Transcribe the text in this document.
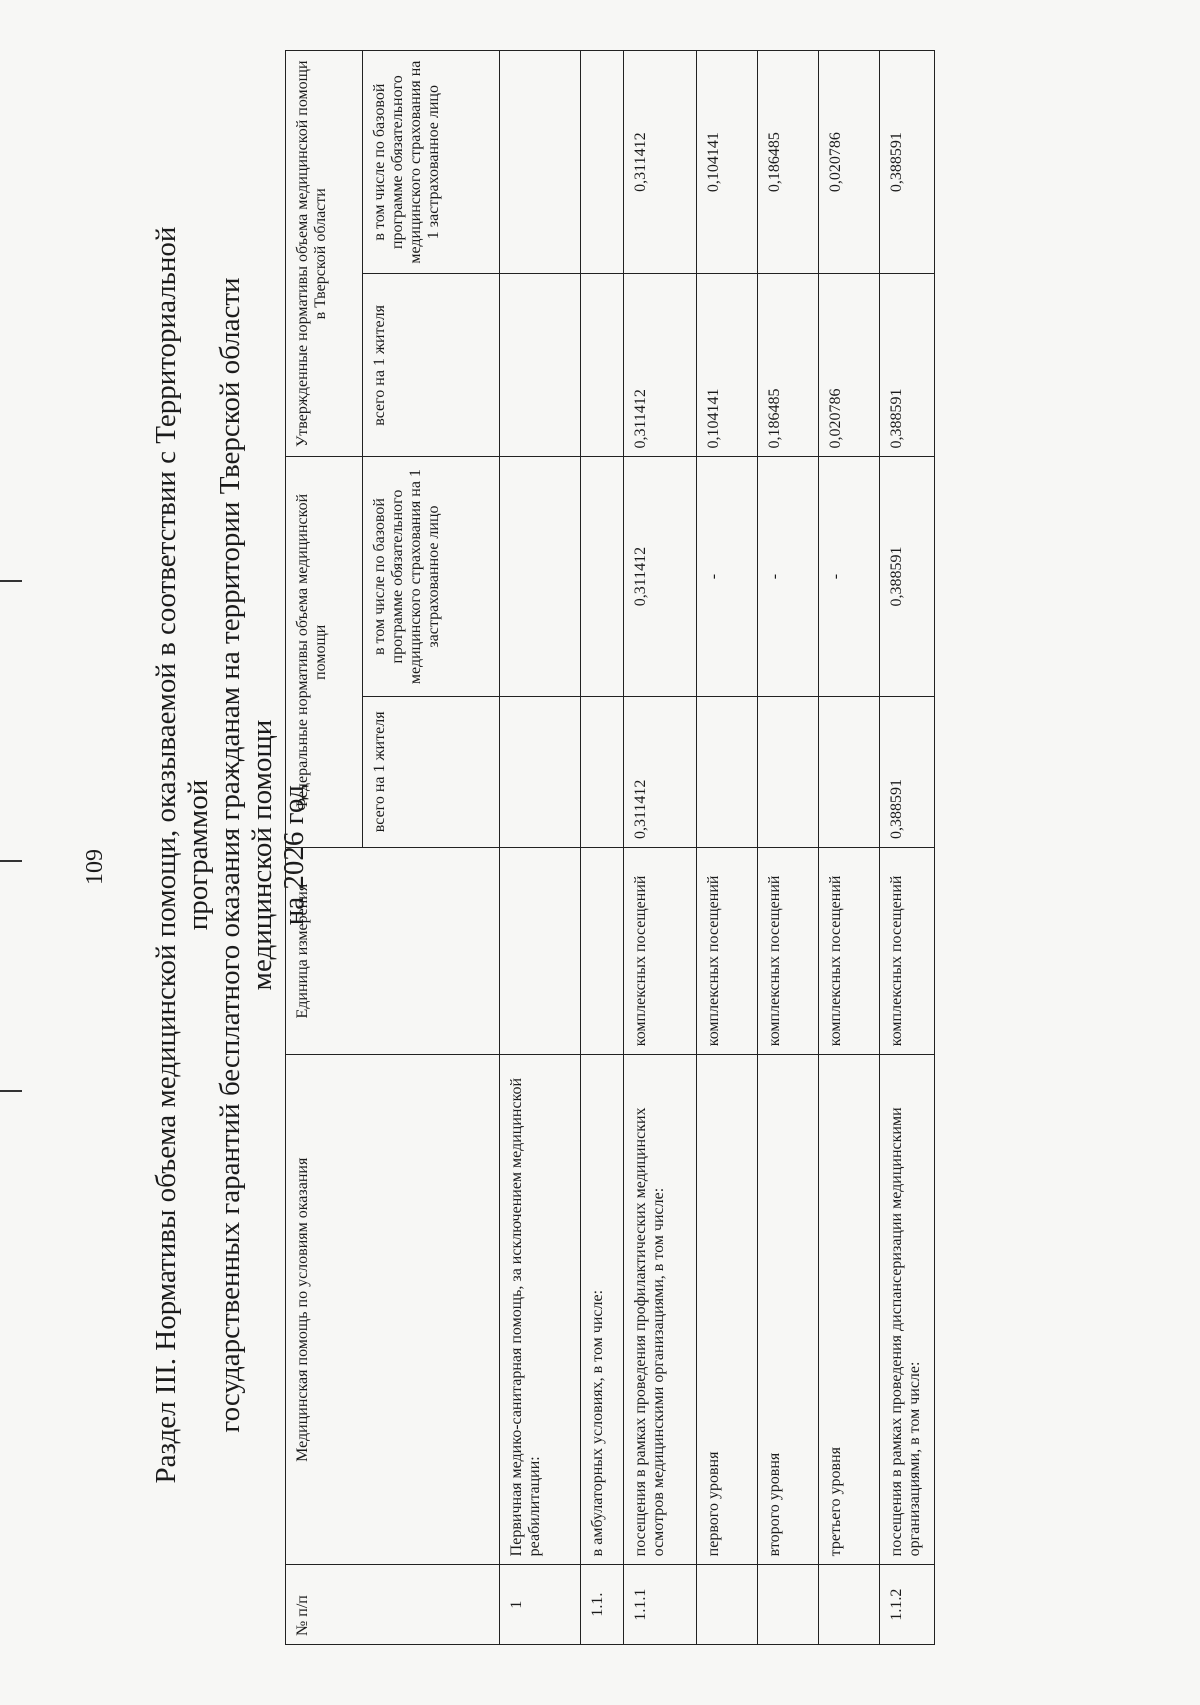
109 Раздел III. Нормативы объема медицинской помощи, оказываемой в соответствии с Территориальной программой государственных гарантий бесплатного оказания гражданам на территории Тверской области медицинской помощи на 2026 год
№ п/п	Медицинская помощь по условиям оказания	Единица измерения	Федеральные нормативы объема медицинской помощи		Утвержденные нормативы объема медицинской помощи в Тверской области	
			всего на 1 жителя	в том числе по базовой программе обязательного медицинского страхования на 1 застрахованное лицо	всего на 1 жителя	в том числе по базовой программе обязательного медицинского страхования на 1 застрахованное лицо
1	Первичная медико-санитарная помощь, за исключением медицинской реабилитации:					
1.1.	в амбулаторных условиях, в том числе:					
1.1.1	посещения в рамках проведения профилактических медицинских осмотров медицинскими организациями, в том числе:	комплексных посещений	0,311412	0,311412	0,311412	0,311412
	первого уровня	комплексных посещений		-	0,104141	0,104141
	второго уровня	комплексных посещений		-	0,186485	0,186485
	третьего уровня	комплексных посещений		-	0,020786	0,020786
1.1.2	посещения в рамках проведения диспансеризации медицинскими организациями, в том числе:	комплексных посещений	0,388591	0,388591	0,388591	0,388591
